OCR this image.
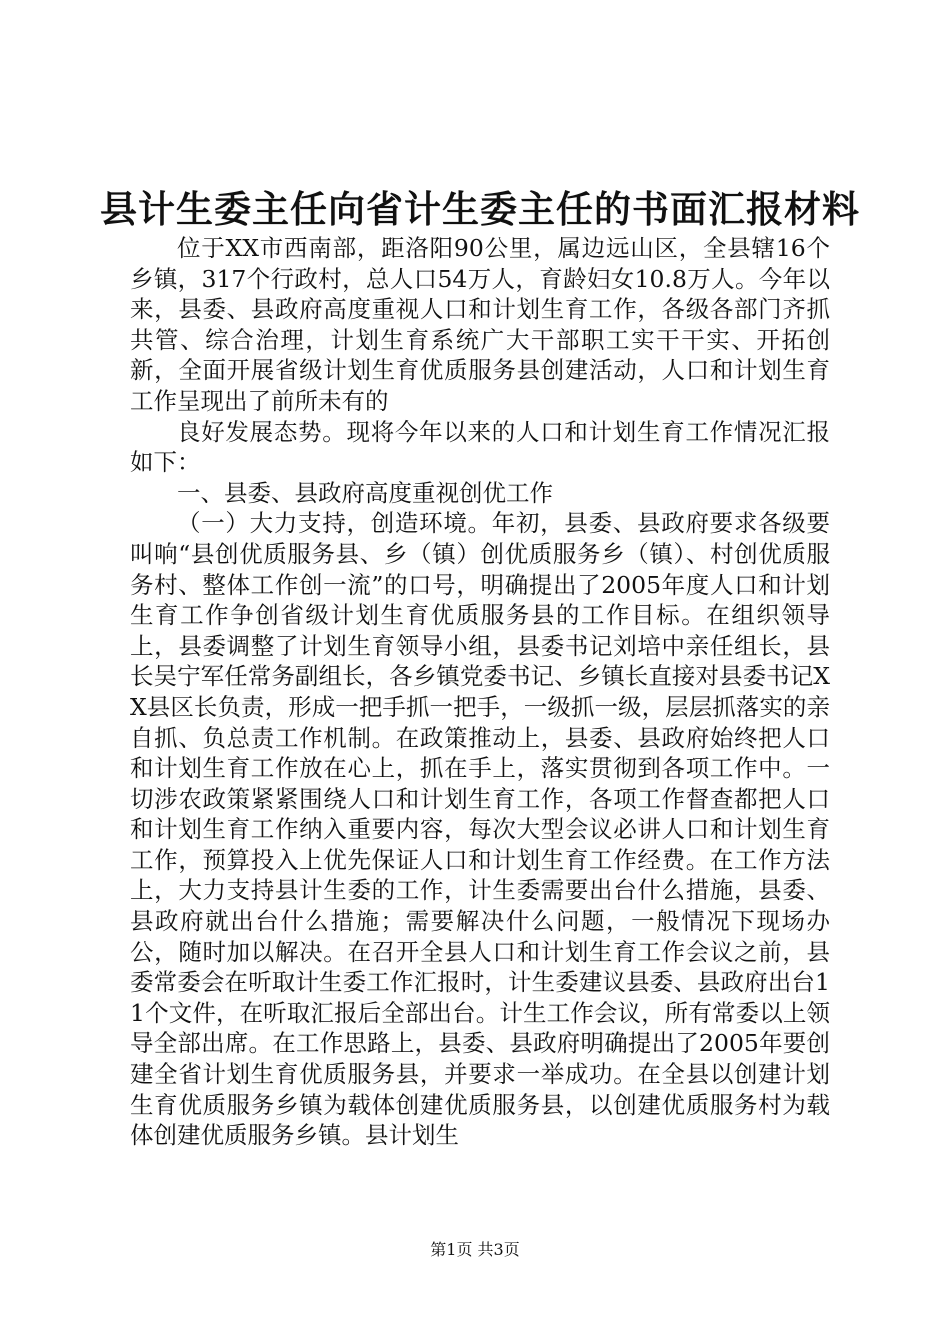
县计生委主任向省计生委主任的书面汇报材料

位于XX市西南部，距洛阳90公里，属边远山区，全县辖16个乡镇，317个行政村，总人口54万人，育龄妇女10.8万人。今年以来，县委、县政府高度重视人口和计划生育工作，各级各部门齐抓共管、综合治理，计划生育系统广大干部职工实干干实、开拓创新，全面开展省级计划生育优质服务县创建活动，人口和计划生育工作呈现出了前所未有的

良好发展态势。现将今年以来的人口和计划生育工作情况汇报如下：

一、县委、县政府高度重视创优工作

（一）大力支持，创造环境。年初，县委、县政府要求各级要叫响“县创优质服务县、乡（镇）创优质服务乡（镇）、村创优质服务村、整体工作创一流”的口号，明确提出了2005年度人口和计划生育工作争创省级计划生育优质服务县的工作目标。在组织领导上，县委调整了计划生育领导小组，县委书记刘培中亲任组长，县长吴宁军任常务副组长，各乡镇党委书记、乡镇长直接对县委书记XX县区长负责，形成一把手抓一把手，一级抓一级，层层抓落实的亲自抓、负总责工作机制。在政策推动上，县委、县政府始终把人口和计划生育工作放在心上，抓在手上，落实贯彻到各项工作中。一切涉农政策紧紧围绕人口和计划生育工作，各项工作督查都把人口和计划生育工作纳入重要内容，每次大型会议必讲人口和计划生育工作，预算投入上优先保证人口和计划生育工作经费。在工作方法上，大力支持县计生委的工作，计生委需要出台什么措施，县委、县政府就出台什么措施；需要解决什么问题，一般情况下现场办公，随时加以解决。在召开全县人口和计划生育工作会议之前，县委常委会在听取计生委工作汇报时，计生委建议县委、县政府出台11个文件，在听取汇报后全部出台。计生工作会议，所有常委以上领导全部出席。在工作思路上，县委、县政府明确提出了2005年要创建全省计划生育优质服务县，并要求一举成功。在全县以创建计划生育优质服务乡镇为载体创建优质服务县，以创建优质服务村为载体创建优质服务乡镇。县计划生

第1页 共3页
